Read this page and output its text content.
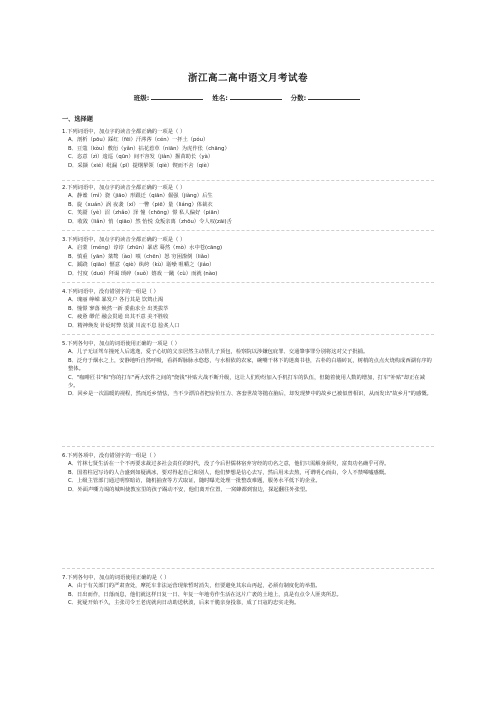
浙江高二高中语文月考试卷
班级:	姓名:	分数:
一、选择题
1.下列词语中，加点字的读音全都正确的一项是（ ）
A．剖析（pōu）踩红（fēi）汗涔涔（cén）一抔土（póu）
B．豆蔻（kòu）敷衍（yǎn）拈花惹草（niān）为虎作伥（chāng）
C．恣意（zì）逡巡（qūn）间不容发（jiàn）揠苗助长（yà）
D．采撷（xié）纰漏（pī）提纲挈领（qiè）锲而不舍（qiè）
2.下列词语中，加点字的读音全都正确的一项是（ ）
A．静谧（mì）骁（jiāo）形跟迁（qiān）倔强（jiàng）后生
B．旋（xuán）涡 夜袭（xí）一瞥（piē）量（liáng）体裁衣
C．笑靥（yè）沼（zhǎo）泽 憧（chōng）憬 私人偏好（piān）
D．收敛（liǎn）悄（qiāo）然 怡悦 众叛亲离（zhōu）令人叹(zāi)舌
3.下列词语中，加点字的读音全都正确的一项是（ ）
A．启蒙（méng）谆谆（zhūn）暴虐 蓦然（mò）水中苍(cāng)
B．慎重（yān）桀骜（ào）嗔（chēn）怒 穷困潦倒（liǎo）
C．蹊跷（qiāo）惬意（qiè）纨绔（kù）聒噪 咀嚼之（jiáo）
D．忖度（duó）拜谒 琐碎（suǒ）嬉戏 一蹴（cù）而就 (nào)
4.下列词语中，没有错别字的一组是（ ）
A．瑰丽 峥嵘 暴发户 各行其是 饮鸩止渴
B．憧憬 寥落 焕然一新 委曲求全 出类拔萃
C．疲惫 缈茫 融会贯通 出其不意 美不胜收
D．精神焕发 针砭时弊 装潢 川流不息 脍炙人口
5.下列各句中，加点的词语使用正确的一项是（ ）
A．儿子无证驾车撞死人后逃逸，爱子心切的父亲居然主动帮儿子顶包，检察院以涉嫌包庇罪、交通肇事罪分别将这对父子批捕。
B．泛舟于烟水之上，安静地听自然呼吸，看斜晖脉脉水悠悠，与水相依的农家，碗嘴干林下的迷离书巷，古朴的白墙砖瓦，树梢的点点火烧构成西湖有序的整体。
C．"咖啡匠书"和"你的打车"两大软件之间的"烧钱"补贴大战不断升级，这让人们纷纷加入手机打车的队伍，但随着使用人数的增加，打车"补贴"却正在减少。
D．回乡是一次温暖的视程，然而近乡情怯，当不少漂泊者把房价压力、客套世故等抛在脑后，却发现梦中的故乡已被似曾相识，从而发出"故乡月"的感慨。
6.下列各项中，没有错别字的一组是（ ）
A．竹林七贤生活在一个不再要求裁过多社会责任的时代，没了今后世儒林宿弃穷经的功名之意，他们只需解身须臾，富贵功名确乎可得。
B．国着柱冠写诗的人合盛到如疑满冰，要对得起自己和别人，他们梦想是信心去写，然后用未去熬，可谓明心而由，令人不禁唏嘘感慨。
C．上级主管部门通过明察暗访，随机抽查等方式取证，随时曝光处理一批整改难题，服务水平低下的企业。
D．外面声嘶力竭的城叫使教室里的孩子踢动不安，他们离开位置，一窝蜂都到窗边，探起翻往外张望。
7.下列各句中，加点的词语使用正确的是（ ）
A．由于有关部门的严肃查处，摩托车非法运营现象暂时消失，但要避免其东山再起，必须有制度化的举措。
B．日出而作，日落而息，他们就这样日复一日、年复一年地劳作生活在这片广袤的土地上，真是有点令人匪夷所思。
C．犹疑开始不久，主张司令王老虎就向日动助送秋波，后来干脆亲身投靠，成了日寇的忠实走狗。
